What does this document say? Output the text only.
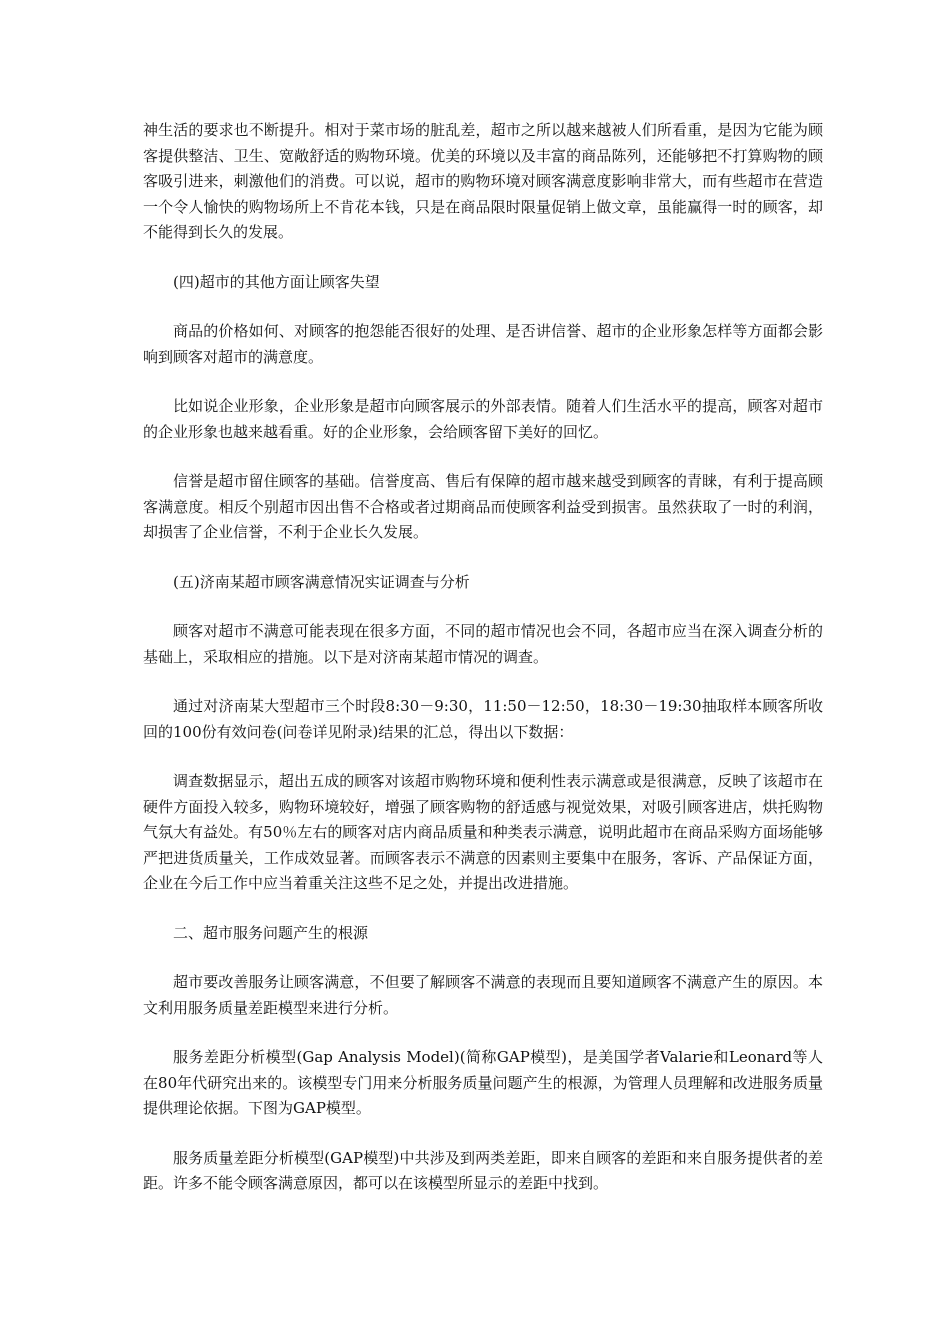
神生活的要求也不断提升。相对于菜市场的脏乱差，超市之所以越来越被人们所看重，是因为它能为顾客提供整洁、卫生、宽敞舒适的购物环境。优美的环境以及丰富的商品陈列，还能够把不打算购物的顾客吸引进来，刺激他们的消费。可以说，超市的购物环境对顾客满意度影响非常大，而有些超市在营造一个令人愉快的购物场所上不肯花本钱，只是在商品限时限量促销上做文章，虽能赢得一时的顾客，却不能得到长久的发展。

(四)超市的其他方面让顾客失望

商品的价格如何、对顾客的抱怨能否很好的处理、是否讲信誉、超市的企业形象怎样等方面都会影响到顾客对超市的满意度。

比如说企业形象，企业形象是超市向顾客展示的外部表情。随着人们生活水平的提高，顾客对超市的企业形象也越来越看重。好的企业形象，会给顾客留下美好的回忆。

信誉是超市留住顾客的基础。信誉度高、售后有保障的超市越来越受到顾客的青睐，有利于提高顾客满意度。相反个别超市因出售不合格或者过期商品而使顾客利益受到损害。虽然获取了一时的利润，却损害了企业信誉，不利于企业长久发展。

(五)济南某超市顾客满意情况实证调查与分析

顾客对超市不满意可能表现在很多方面，不同的超市情况也会不同，各超市应当在深入调查分析的基础上，采取相应的措施。以下是对济南某超市情况的调查。

通过对济南某大型超市三个时段8:30－9:30，11:50－12:50，18:30－19:30抽取样本顾客所收回的100份有效问卷(问卷详见附录)结果的汇总，得出以下数据：

调查数据显示，超出五成的顾客对该超市购物环境和便利性表示满意或是很满意，反映了该超市在硬件方面投入较多，购物环境较好，增强了顾客购物的舒适感与视觉效果，对吸引顾客进店，烘托购物气氛大有益处。有50％左右的顾客对店内商品质量和种类表示满意，说明此超市在商品采购方面场能够严把进货质量关，工作成效显著。而顾客表示不满意的因素则主要集中在服务，客诉、产品保证方面，企业在今后工作中应当着重关注这些不足之处，并提出改进措施。

二、超市服务问题产生的根源

超市要改善服务让顾客满意，不但要了解顾客不满意的表现而且要知道顾客不满意产生的原因。本文利用服务质量差距模型来进行分析。

服务差距分析模型(Gap Analysis Model)(简称GAP模型)，是美国学者Valarie和Leonard等人在80年代研究出来的。该模型专门用来分析服务质量问题产生的根源，为管理人员理解和改进服务质量提供理论依据。下图为GAP模型。

服务质量差距分析模型(GAP模型)中共涉及到两类差距，即来自顾客的差距和来自服务提供者的差距。许多不能令顾客满意原因，都可以在该模型所显示的差距中找到。
